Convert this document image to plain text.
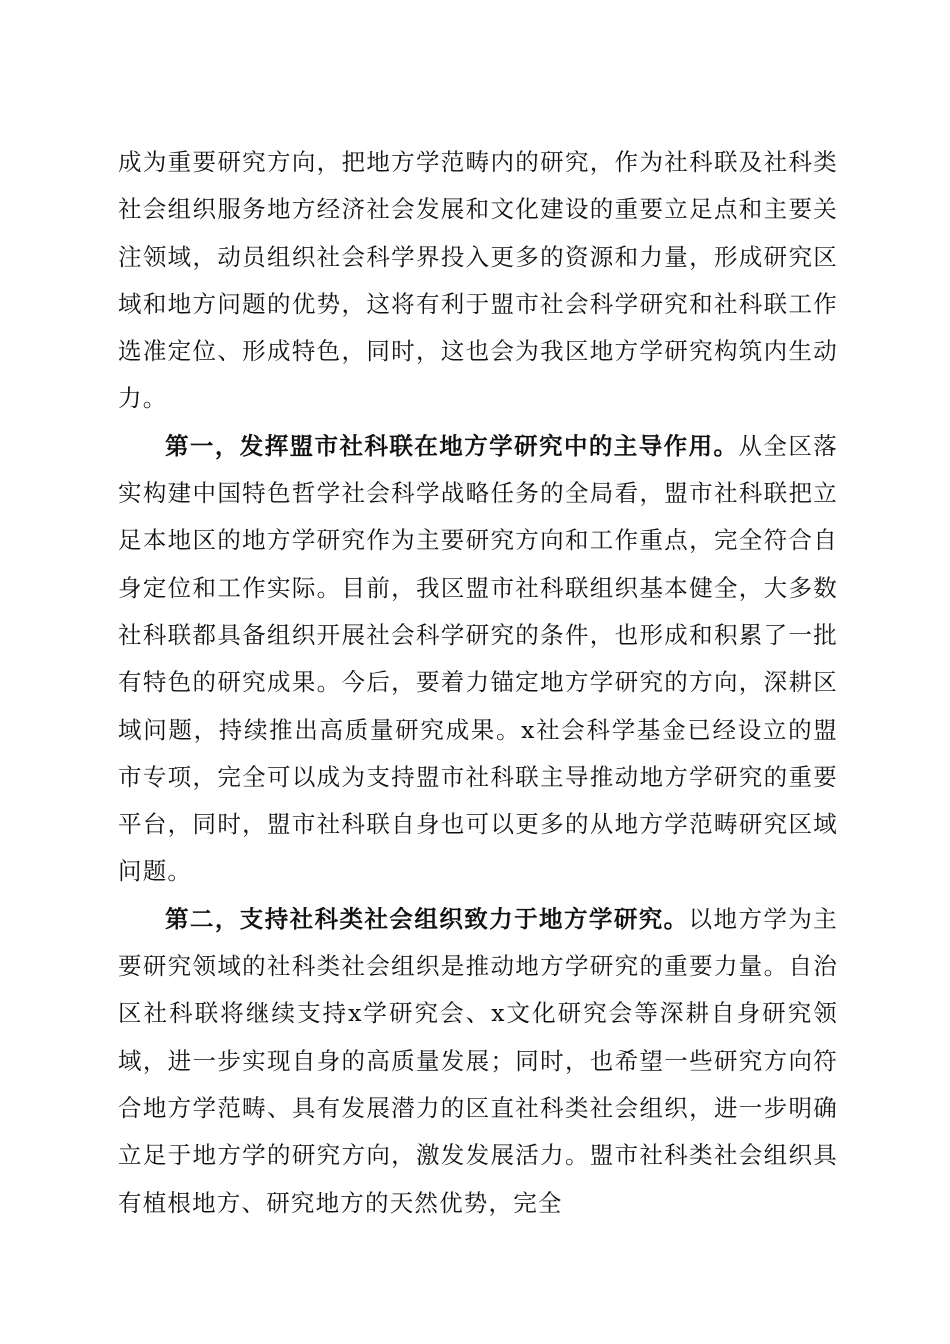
成为重要研究方向，把地方学范畴内的研究，作为社科联及社科类社会组织服务地方经济社会发展和文化建设的重要立足点和主要关注领域，动员组织社会科学界投入更多的资源和力量，形成研究区域和地方问题的优势，这将有利于盟市社会科学研究和社科联工作选准定位、形成特色，同时，这也会为我区地方学研究构筑内生动力。

第一，发挥盟市社科联在地方学研究中的主导作用。从全区落实构建中国特色哲学社会科学战略任务的全局看，盟市社科联把立足本地区的地方学研究作为主要研究方向和工作重点，完全符合自身定位和工作实际。目前，我区盟市社科联组织基本健全，大多数社科联都具备组织开展社会科学研究的条件，也形成和积累了一批有特色的研究成果。今后，要着力锚定地方学研究的方向，深耕区域问题，持续推出高质量研究成果。x社会科学基金已经设立的盟市专项，完全可以成为支持盟市社科联主导推动地方学研究的重要平台，同时，盟市社科联自身也可以更多的从地方学范畴研究区域问题。

第二，支持社科类社会组织致力于地方学研究。以地方学为主要研究领域的社科类社会组织是推动地方学研究的重要力量。自治区社科联将继续支持x学研究会、x文化研究会等深耕自身研究领域，进一步实现自身的高质量发展；同时，也希望一些研究方向符合地方学范畴、具有发展潜力的区直社科类社会组织，进一步明确立足于地方学的研究方向，激发发展活力。盟市社科类社会组织具有植根地方、研究地方的天然优势，完全
